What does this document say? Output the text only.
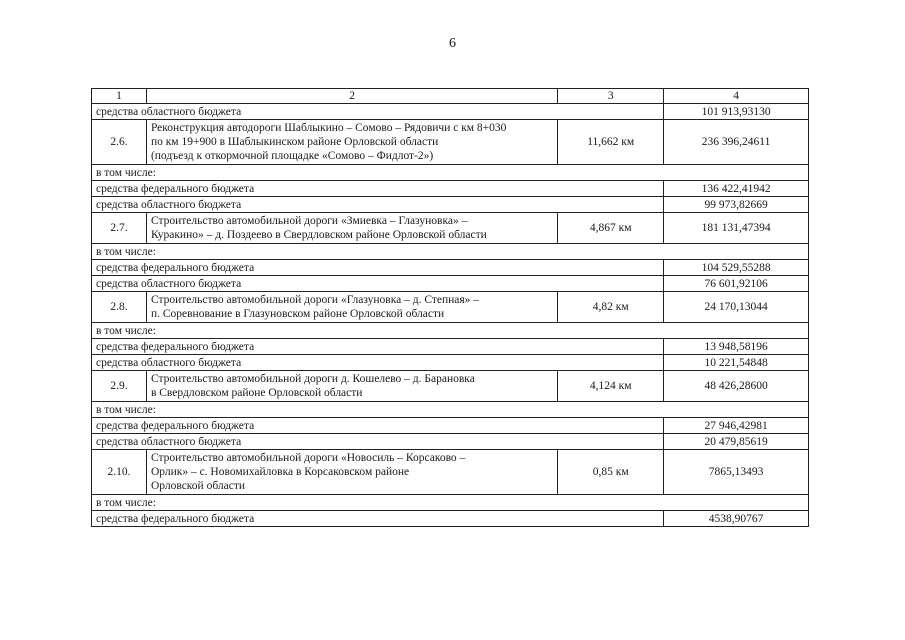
6
1	2	3	4
средства областного бюджета			101 913,93130
2.6.	Реконструкция автодороги Шаблыкино – Сомово – Рядовичи с км 8+030
по км 19+900 в Шаблыкинском районе Орловской области
(подъезд к откормочной площадке «Сомово – Фидлот-2»)	11,662 км	236 396,24611
в том числе:			
средства федерального бюджета			136 422,41942
средства областного бюджета			99 973,82669
2.7.	Строительство автомобильной дороги «Змиевка – Глазуновка» –
Куракино» – д. Поздеево в Свердловском районе Орловской области	4,867 км	181 131,47394
в том числе:			
средства федерального бюджета			104 529,55288
средства областного бюджета			76 601,92106
2.8.	Строительство автомобильной дороги «Глазуновка – д. Степная» –
п. Соревнование в Глазуновском районе Орловской области	4,82 км	24 170,13044
в том числе:			
средства федерального бюджета			13 948,58196
средства областного бюджета			10 221,54848
2.9.	Строительство автомобильной дороги д. Кошелево – д. Барановка
в Свердловском районе Орловской области	4,124 км	48 426,28600
в том числе:			
средства федерального бюджета			27 946,42981
средства областного бюджета			20 479,85619
2.10.	Строительство автомобильной дороги «Новосиль – Корсаково –
Орлик» – с. Новомихайловка в Корсаковском районе
Орловской области	0,85 км	7865,13493
в том числе:			
средства федерального бюджета			4538,90767
